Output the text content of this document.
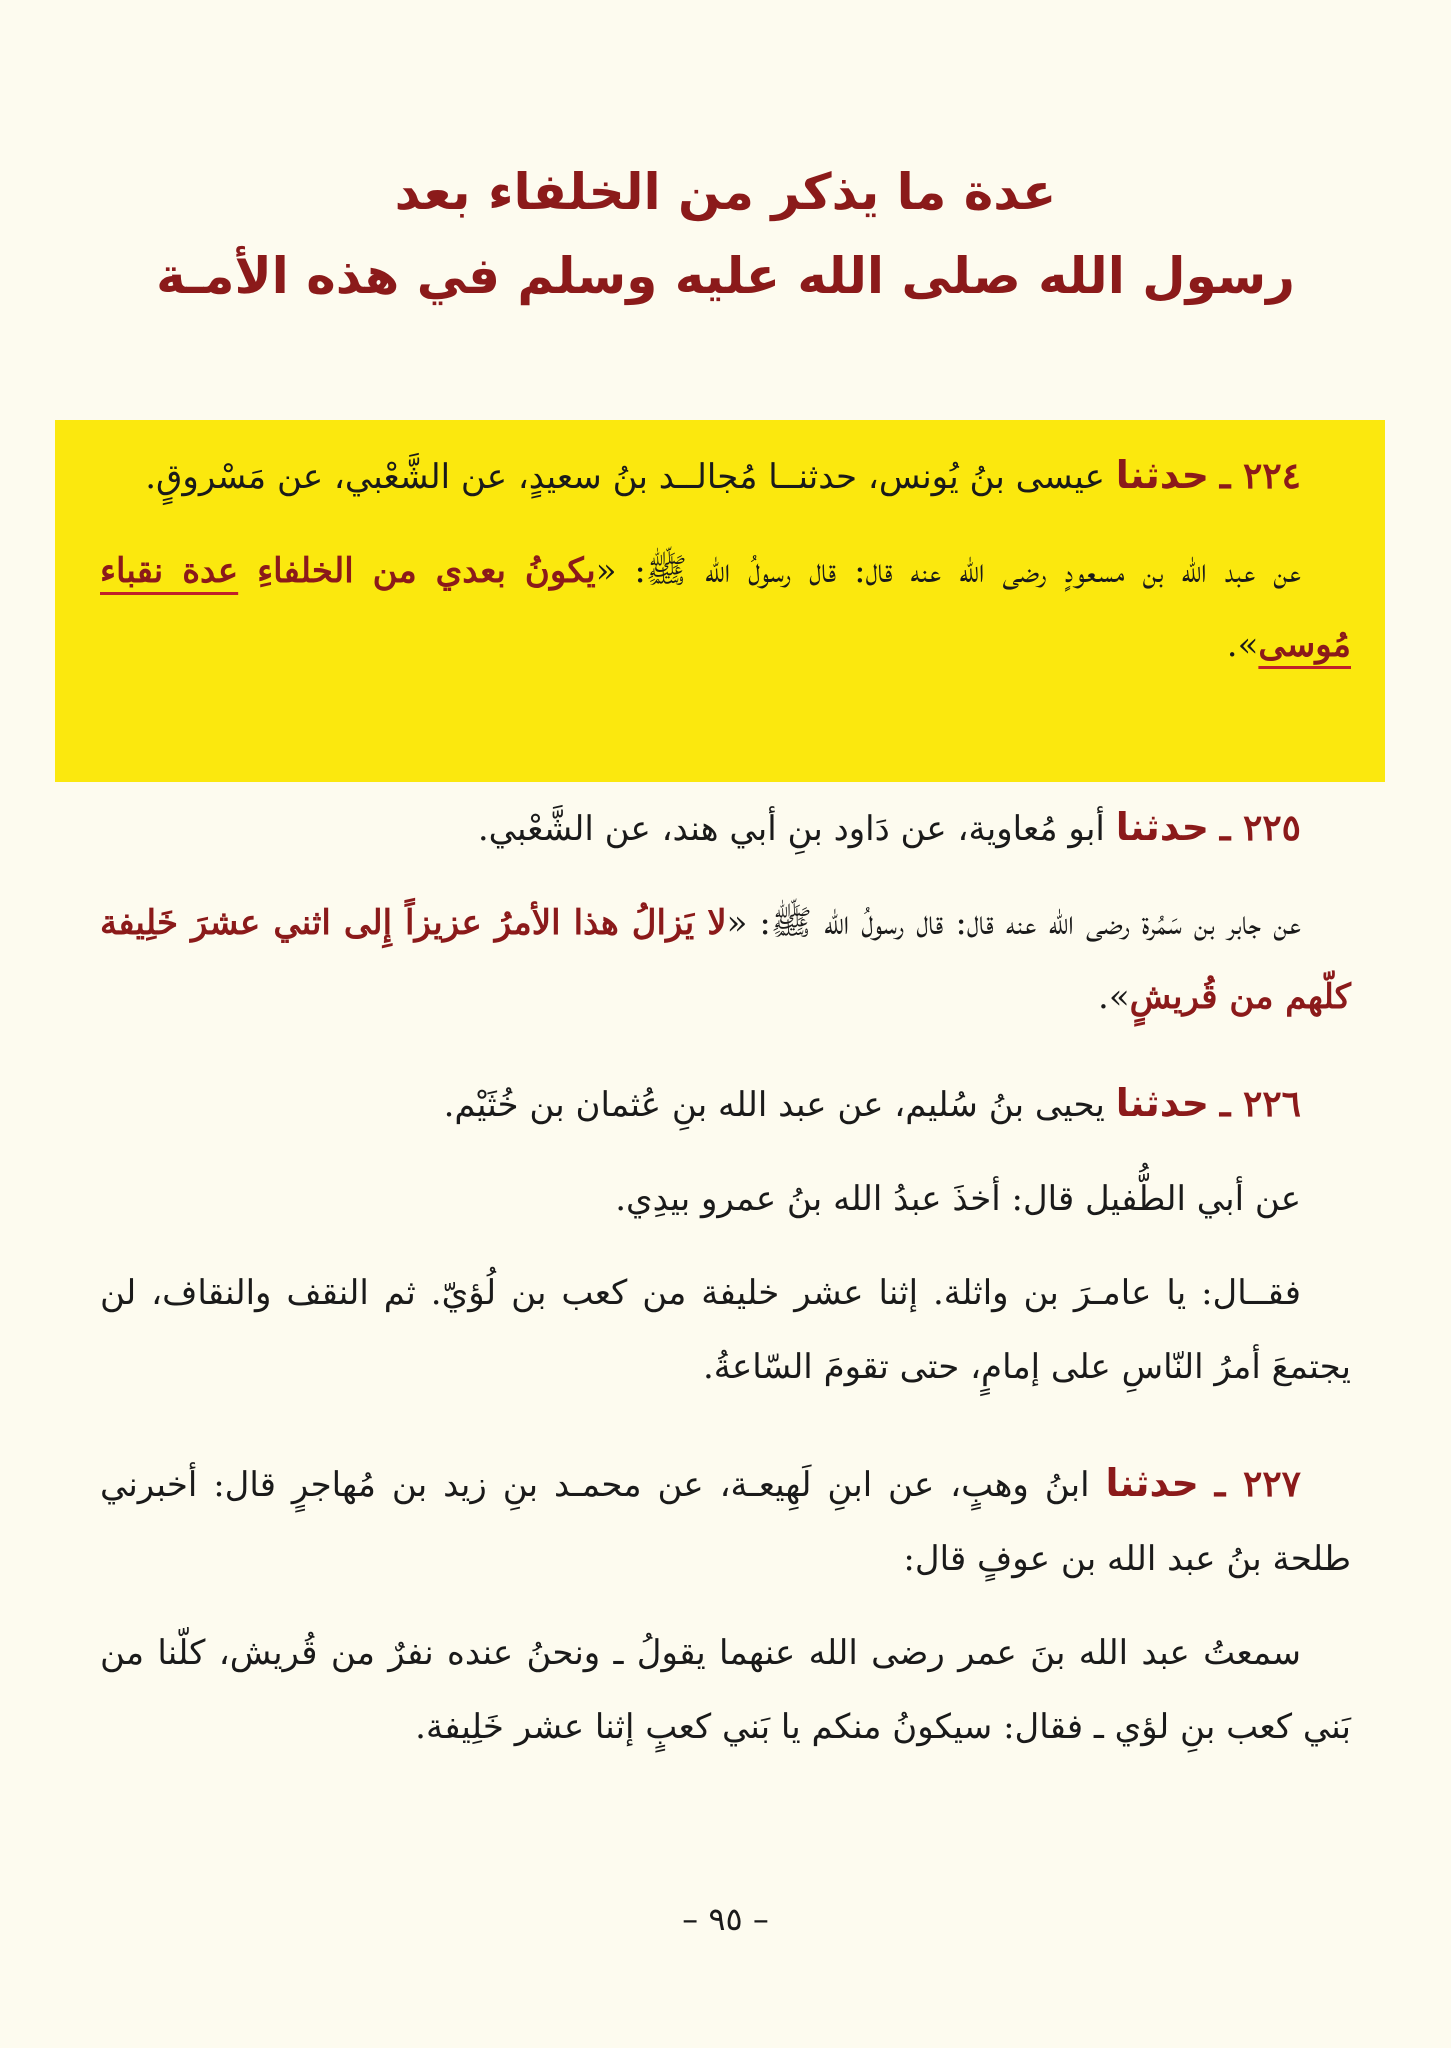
عدة ما يذكر من الخلفاء بعد
رسول الله صلى الله عليه وسلم في هذه الأمـة

٢٢٤ ـ حدثنا عيسى بنُ يُونس، حدثنــا مُجالــد بنُ سعيدٍ، عن الشَّعْبي، عن مَسْروقٍ.

عن عبد الله بن مسعودٍ رضى الله عنه قال: قال رسولُ الله ﷺ: «يكونُ بعدي من الخلفاءِ عدة نقباء مُوسى».

٢٢٥ ـ حدثنا أبو مُعاوية، عن دَاود بنِ أبي هند، عن الشَّعْبي.

عن جابر بن سَمُرة رضى الله عنه قال: قال رسولُ الله ﷺ: «لا يَزالُ هذا الأمرُ عزيزاً إِلى اثني عشرَ خَلِيفة كلّهم من قُريشٍ».

٢٢٦ ـ حدثنا يحيى بنُ سُليم، عن عبد الله بنِ عُثمان بن خُثَيْم.

عن أبي الطُّفيل قال: أخذَ عبدُ الله بنُ عمرو بيدِي.

فقــال: يا عامـرَ بن واثلة. إثنا عشر خليفة من كعب بن لُؤيّ. ثم النقف والنقاف، لن يجتمعَ أمرُ النّاسِ على إمامٍ، حتى تقومَ السّاعةُ.

٢٢٧ ـ حدثنا ابنُ وهبٍ، عن ابنِ لَهِيعـة، عن محمـد بنِ زيد بن مُهاجرٍ قال: أخبرني طلحة بنُ عبد الله بن عوفٍ قال:

سمعتُ عبد الله بنَ عمر رضى الله عنهما يقولُ ـ ونحنُ عنده نفرٌ من قُريش، كلّنا من بَني كعب بنِ لؤي ـ فقال: سيكونُ منكم يا بَني كعبٍ إثنا عشر خَلِيفة.

– ٩٥ –
